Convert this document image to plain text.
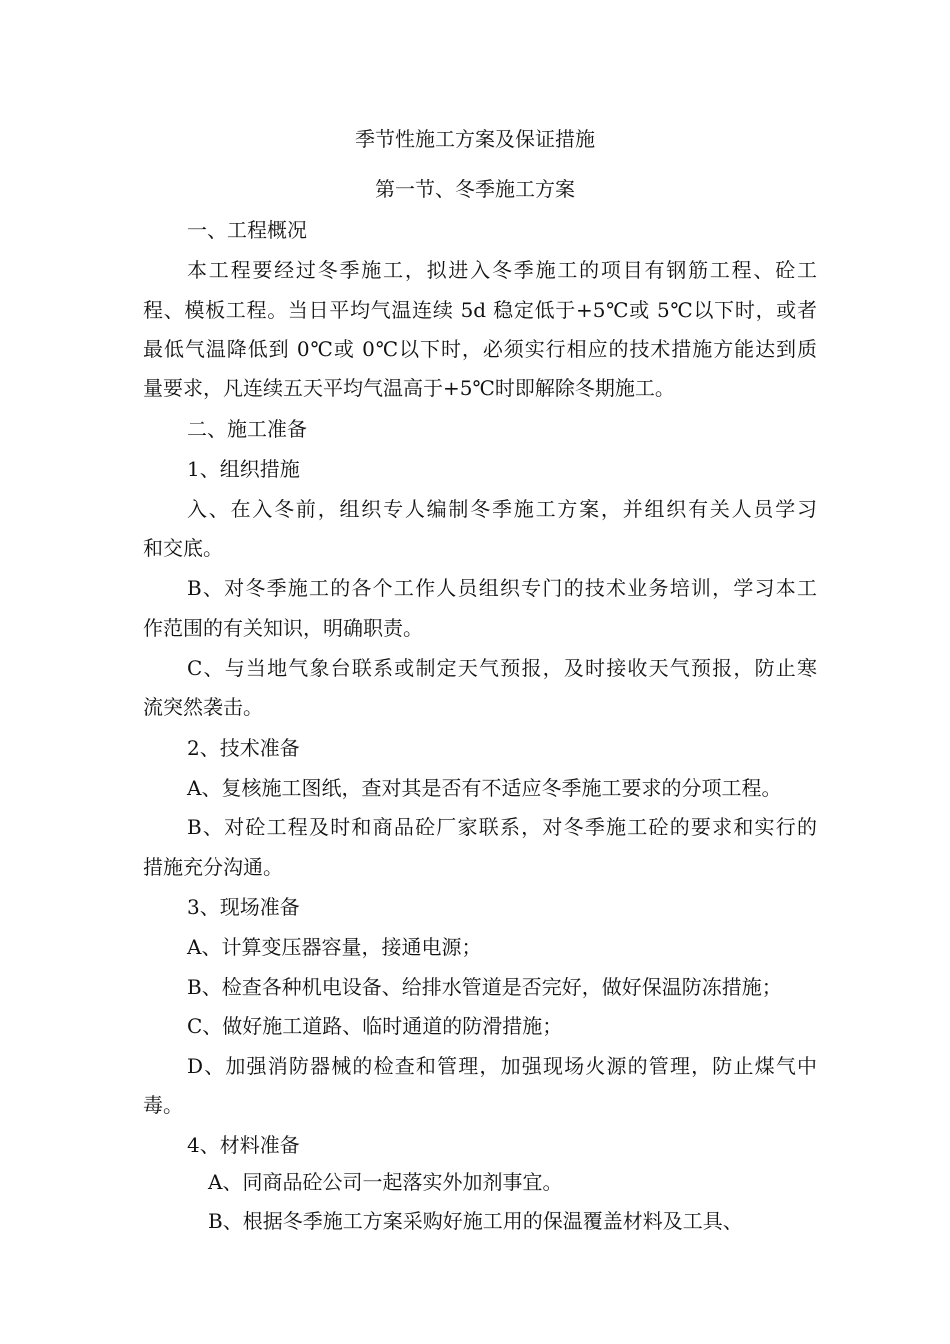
季节性施工方案及保证措施
第一节、冬季施工方案
一、工程概况
本工程要经过冬季施工，拟进入冬季施工的项目有钢筋工程、砼工
程、模板工程。当日平均气温连续 5d 稳定低于+5℃或 5℃以下时，或者
最低气温降低到 0℃或 0℃以下时，必须实行相应的技术措施方能达到质
量要求，凡连续五天平均气温高于+5℃时即解除冬期施工。
二、施工准备
1、组织措施
入、在入冬前，组织专人编制冬季施工方案，并组织有关人员学习
和交底。
B、对冬季施工的各个工作人员组织专门的技术业务培训，学习本工
作范围的有关知识，明确职责。
C、与当地气象台联系或制定天气预报，及时接收天气预报，防止寒
流突然袭击。
2、技术准备
A、复核施工图纸，查对其是否有不适应冬季施工要求的分项工程。
B、对砼工程及时和商品砼厂家联系，对冬季施工砼的要求和实行的
措施充分沟通。
3、现场准备
A、计算变压器容量，接通电源；
B、检查各种机电设备、给排水管道是否完好，做好保温防冻措施；
C、做好施工道路、临时通道的防滑措施；
D、加强消防器械的检查和管理，加强现场火源的管理，防止煤气中
毒。
4、材料准备
A、同商品砼公司一起落实外加剂事宜。
B、根据冬季施工方案采购好施工用的保温覆盖材料及工具、
